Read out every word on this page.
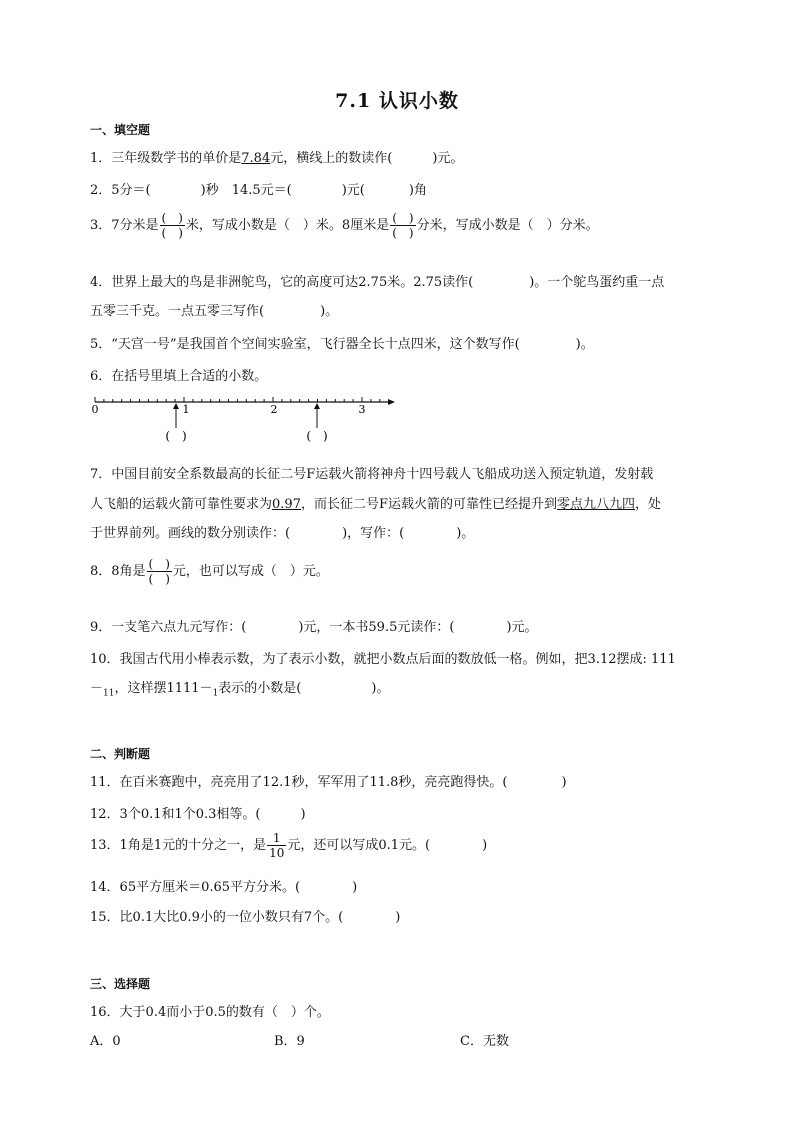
7.1 认识小数
一、填空题
1．三年级数学书的单价是7.84元，横线上的数读作(	)元。
2．5分＝(	)秒　14.5元＝(	)元(	)角
3．7分米是 $\frac{( )}{( )}$ 米，写成小数是（　）米。8厘米是 $\frac{( )}{( )}$ 分米，写成小数是（　）分米。
4．世界上最大的鸟是非洲鸵鸟，它的高度可达2.75米。2.75读作(	)。一个鸵鸟蛋约重一点
五零三千克。一点五零三写作(	)。
5．“天宫一号”是我国首个空间实验室，飞行器全长十点四米，这个数写作(	)。
6．在括号里填上合适的小数。
0	1	2	3
(　)	(　)
7．中国目前安全系数最高的长征二号F运载火箭将神舟十四号载人飞船成功送入预定轨道，发射载
人飞船的运载火箭可靠性要求为0.97，而长征二号F运载火箭的可靠性已经提升到零点九八九四，处
于世界前列。画线的数分别读作：(	)，写作：(	)。
8．8角是 $\frac{( )}{( )}$ 元，也可以写成（　）元。
9．一支笔六点九元写作：(	)元，一本书59.5元读作：(	)元。
10．我国古代用小棒表示数，为了表示小数，就把小数点后面的数放低一格。例如，把3.12摆成: 111
$-_{11}$，这样摆$1111-_1$表示的小数是(	)。
二、判断题
11．在百米赛跑中，亮亮用了12.1秒，军军用了11.8秒，亮亮跑得快。(	)
12．3个0.1和1个0.3相等。(	)
13．1角是1元的十分之一，是 $\frac{1}{10}$ 元，还可以写成0.1元。(	)
14．65平方厘米＝0.65平方分米。(	)
15．比0.1大比0.9小的一位小数只有7个。(	)
三、选择题
16．大于0.4而小于0.5的数有（　）个。
A．0	B．9	C．无数
